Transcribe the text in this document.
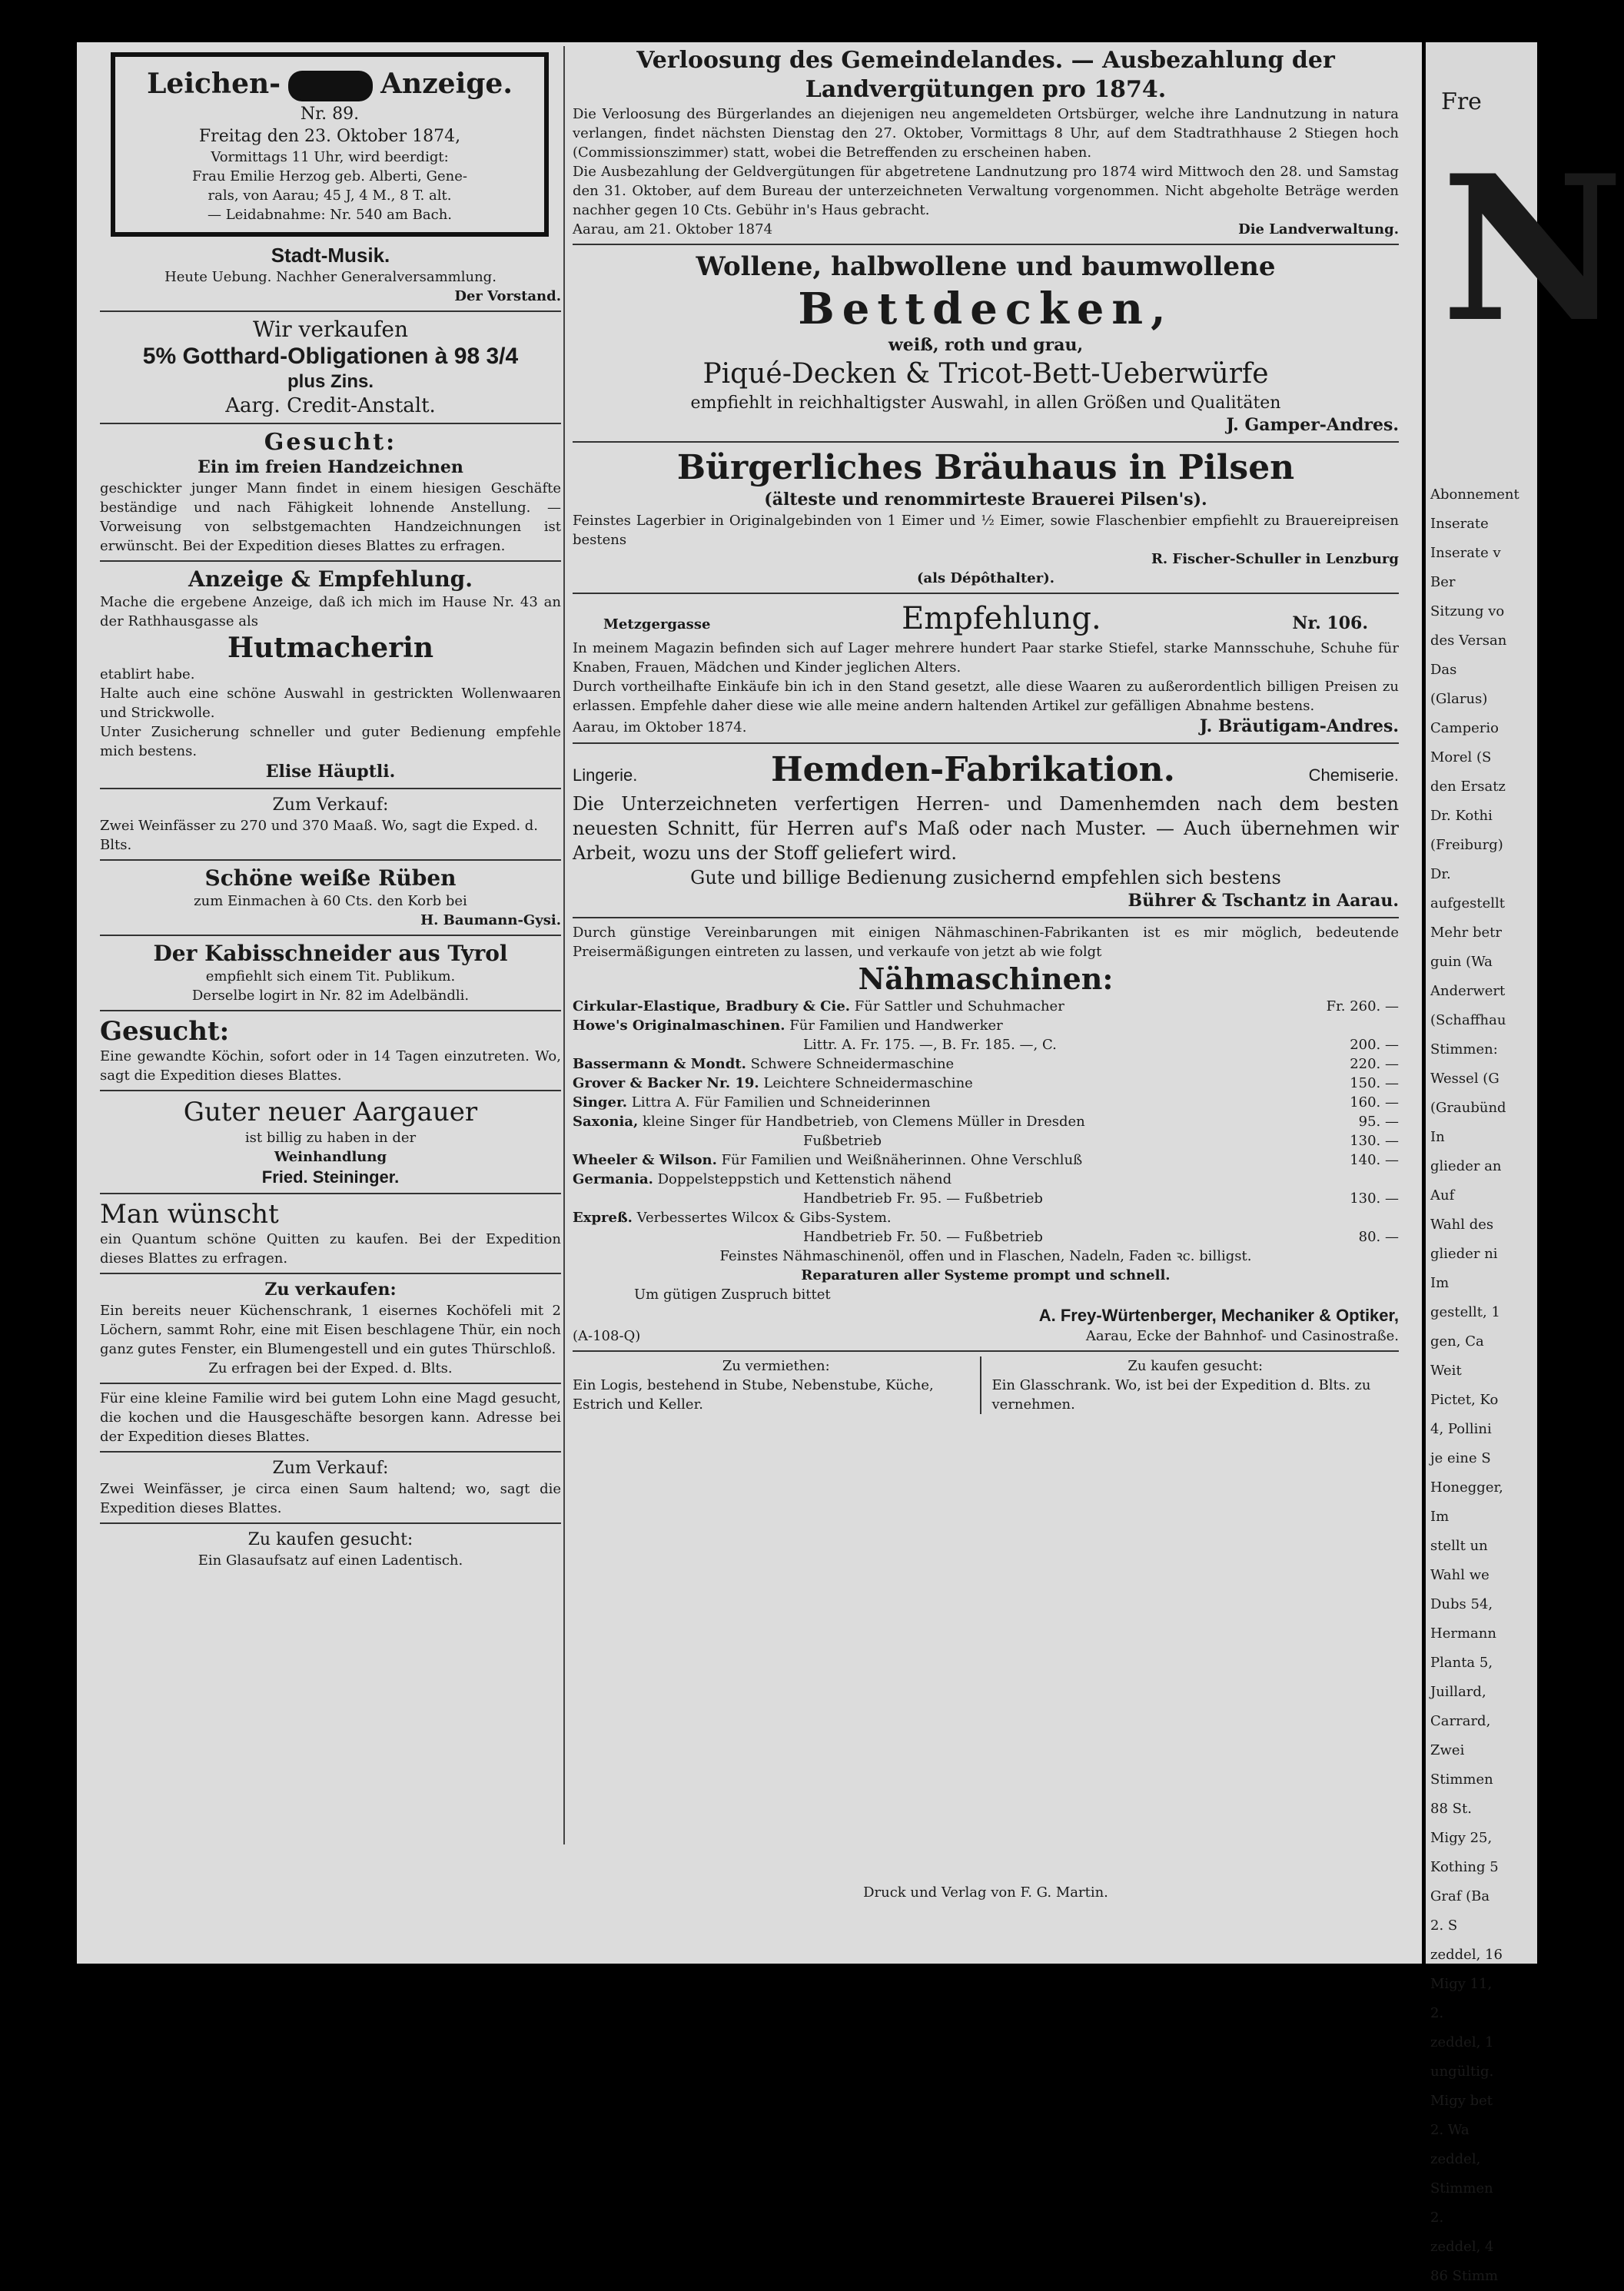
Leichen-	Anzeige.

Nr. 89.

Freitag den 23. Oktober 1874,

Vormittags 11 Uhr, wird beerdigt:

Frau Emilie Herzog geb. Alberti, Gene-

rals, von Aarau; 45 J, 4 M., 8 T. alt.

— Leidabnahme: Nr. 540 am Bach.

Stadt-Musik.

Heute Uebung. Nachher Generalversammlung.

Der Vorstand.

Wir verkaufen

5% Gotthard-Obligationen à 98 3/4

plus Zins.

Aarg. Credit-Anstalt.

Gesucht:

Ein im freien Handzeichnen

geschickter junger Mann findet in einem hiesigen Geschäfte beständige und nach Fähigkeit lohnende Anstellung. — Vorweisung von selbstgemachten Handzeichnungen ist erwünscht. Bei der Expedition dieses Blattes zu erfragen.

Anzeige & Empfehlung.

Mache die ergebene Anzeige, daß ich mich im Hause Nr. 43 an der Rathhausgasse als

Hutmacherin

etablirt habe.

Halte auch eine schöne Auswahl in gestrickten Wollenwaaren und Strickwolle.

Unter Zusicherung schneller und guter Bedienung empfehle mich bestens.

Elise Häuptli.

Zum Verkauf:

Zwei Weinfässer zu 270 und 370 Maaß. Wo, sagt die Exped. d. Blts.

Schöne weiße Rüben

zum Einmachen à 60 Cts. den Korb bei

H. Baumann-Gysi.

Der Kabisschneider aus Tyrol

empfiehlt sich einem Tit. Publikum.

Derselbe logirt in Nr. 82 im Adelbändli.

Gesucht:

Eine gewandte Köchin, sofort oder in 14 Tagen einzutreten. Wo, sagt die Expedition dieses Blattes.

Guter neuer Aargauer

ist billig zu haben in der

Weinhandlung

Fried. Steininger.

Man wünscht

ein Quantum schöne Quitten zu kaufen. Bei der Expedition dieses Blattes zu erfragen.

Zu verkaufen:

Ein bereits neuer Küchenschrank, 1 eisernes Kochöfeli mit 2 Löchern, sammt Rohr, eine mit Eisen beschlagene Thür, ein noch ganz gutes Fenster, ein Blumengestell und ein gutes Thürschloß.

Zu erfragen bei der Exped. d. Blts.

Für eine kleine Familie wird bei gutem Lohn eine Magd gesucht, die kochen und die Hausgeschäfte besorgen kann. Adresse bei der Expedition dieses Blattes.

Zum Verkauf:

Zwei Weinfässer, je circa einen Saum haltend; wo, sagt die Expedition dieses Blattes.

Zu kaufen gesucht:

Ein Glasaufsatz auf einen Ladentisch.

Verloosung des Gemeindelandes. — Ausbezahlung der

Landvergütungen pro 1874.

Die Verloosung des Bürgerlandes an diejenigen neu angemeldeten Ortsbürger, welche ihre Landnutzung in natura verlangen, findet nächsten Dienstag den 27. Oktober, Vormittags 8 Uhr, auf dem Stadtrathhause 2 Stiegen hoch (Commissionszimmer) statt, wobei die Betreffenden zu erscheinen haben.

Die Ausbezahlung der Geldvergütungen für abgetretene Landnutzung pro 1874 wird Mittwoch den 28. und Samstag den 31. Oktober, auf dem Bureau der unterzeichneten Verwaltung vorgenommen. Nicht abgeholte Beträge werden nachher gegen 10 Cts. Gebühr in's Haus gebracht.

Aarau, am 21. Oktober 1874	Die Landverwaltung.

Wollene, halbwollene und baumwollene

Bettdecken,

weiß, roth und grau,

Piqué-Decken & Tricot-Bett-Ueberwürfe

empfiehlt in reichhaltigster Auswahl, in allen Größen und Qualitäten

J. Gamper-Andres.

Bürgerliches Bräuhaus in Pilsen

(älteste und renommirteste Brauerei Pilsen's).

Feinstes Lagerbier in Originalgebinden von 1 Eimer und ½ Eimer, sowie Flaschenbier empfiehlt zu Brauereipreisen bestens

R. Fischer-Schuller in Lenzburg

(als Dépôthalter).

Metzgergasse	Empfehlung.	Nr. 106.

In meinem Magazin befinden sich auf Lager mehrere hundert Paar starke Stiefel, starke Mannsschuhe, Schuhe für Knaben, Frauen, Mädchen und Kinder jeglichen Alters.

Durch vortheilhafte Einkäufe bin ich in den Stand gesetzt, alle diese Waaren zu außerordentlich billigen Preisen zu erlassen. Empfehle daher diese wie alle meine andern haltenden Artikel zur gefälligen Abnahme bestens.

Aarau, im Oktober 1874.	J. Bräutigam-Andres.
Lingerie.	Hemden-Fabrikation.	Chemiserie.

Die Unterzeichneten verfertigen Herren- und Damenhemden nach dem besten neuesten Schnitt, für Herren auf's Maß oder nach Muster. — Auch übernehmen wir Arbeit, wozu uns der Stoff geliefert wird.

Gute und billige Bedienung zusichernd empfehlen sich bestens

Bührer & Tschantz in Aarau.

Durch günstige Vereinbarungen mit einigen Nähmaschinen-Fabrikanten ist es mir möglich, bedeutende Preisermäßigungen eintreten zu lassen, und verkaufe von jetzt ab wie folgt

Nähmaschinen:

Cirkular-Elastique, Bradbury & Cie. Für Sattler und Schuhmacher	Fr. 260. —
Howe's Originalmaschinen. Für Familien und Handwerker
Littr. A. Fr. 175. —, B. Fr. 185. —, C.	200. —
Bassermann & Mondt. Schwere Schneidermaschine	220. —
Grover & Backer Nr. 19. Leichtere Schneidermaschine	150. —
Singer. Littra A. Für Familien und Schneiderinnen	160. —
Saxonia, kleine Singer für Handbetrieb, von Clemens Müller in Dresden	95. —
Fußbetrieb	130. —
Wheeler & Wilson. Für Familien und Weißnäherinnen. Ohne Verschluß	140. —
Germania. Doppelsteppstich und Kettenstich nähend
Handbetrieb Fr. 95. — Fußbetrieb	130. —
Expreß. Verbessertes Wilcox & Gibs-System.
Handbetrieb Fr. 50. — Fußbetrieb	80. —

Feinstes Nähmaschinenöl, offen und in Flaschen, Nadeln, Faden ꝛc. billigst.

Reparaturen aller Systeme prompt und schnell.

Um gütigen Zuspruch bittet

A. Frey-Würtenberger, Mechaniker & Optiker,

(A-108-Q)	Aarau, Ecke der Bahnhof- und Casinostraße.

Zu vermiethen:

Ein Logis, bestehend in Stube, Nebenstube, Küche, Estrich und Keller.

Zu kaufen gesucht:

Ein Glasschrank. Wo, ist bei der Expedition d. Blts. zu vernehmen.

Druck und Verlag von F. G. Martin.
Fre
N
Abonnement
Inserate
Inserate v
Ber
Sitzung vo
des Versan
Das
(Glarus)
Camperio
Morel (S
den Ersatz
Dr. Kothi
(Freiburg)
Dr.
aufgestellt
Mehr betr
guin (Wa
Anderwert
(Schaffhau
Stimmen:
Wessel (G
(Graubünd
In
glieder an
Auf
Wahl des
glieder ni
Im
gestellt, 1
gen, Ca
Weit
Pictet, Ko
4, Pollini
je eine S
Honegger,
Im
stellt un
Wahl we
Dubs 54,
Hermann
Planta 5,
Juillard,
Carrard,
Zwei
Stimmen
88 St.
Migy 25,
Kothing 5
Graf (Ba
2. S
zeddel, 16
Migy 11,
2.
zeddel, 1
ungültig.
Migy bet
2. Wa
zeddel,
Stimmen
2.
zeddel, 4
86 Stimm
